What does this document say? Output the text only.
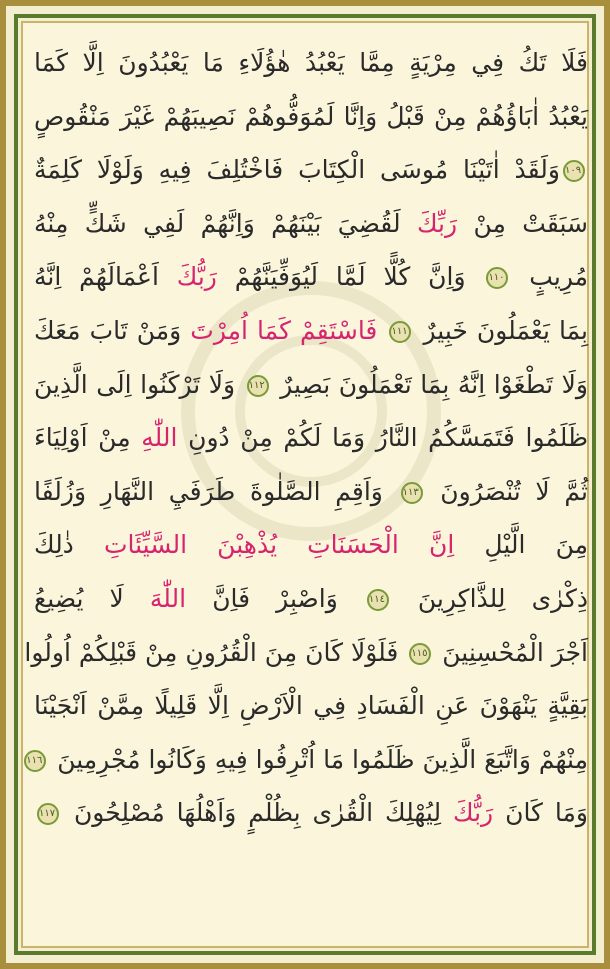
فَلَا تَكُ فِي مِرْيَةٍ مِمَّا يَعْبُدُ هٰؤُلَاءِ مَا يَعْبُدُونَ اِلَّا كَمَا
يَعْبُدُ اٰبَاؤُهُمْ مِنْ قَبْلُ وَاِنَّا لَمُوَفُّوهُمْ نَصِيبَهُمْ غَيْرَ مَنْقُوصٍ
١٠٩وَلَقَدْ اٰتَيْنَا مُوسَى الْكِتَابَ فَاخْتُلِفَ فِيهِ وَلَوْلَا كَلِمَةٌ
سَبَقَتْ مِنْ رَبِّكَ لَقُضِيَ بَيْنَهُمْ وَاِنَّهُمْ لَفِي شَكٍّ مِنْهُ
مُرِيبٍ ١١٠ وَاِنَّ كُلًّا لَمَّا لَيُوَفِّيَنَّهُمْ رَبُّكَ اَعْمَالَهُمْ اِنَّهُ
بِمَا يَعْمَلُونَ خَبِيرٌ ١١١ فَاسْتَقِمْ كَمَا اُمِرْتَ وَمَنْ تَابَ مَعَكَ
وَلَا تَطْغَوْا اِنَّهُ بِمَا تَعْمَلُونَ بَصِيرٌ ١١٢ وَلَا تَرْكَنُوا اِلَى الَّذِينَ
ظَلَمُوا فَتَمَسَّكُمُ النَّارُ وَمَا لَكُمْ مِنْ دُونِ اللّٰهِ مِنْ اَوْلِيَاءَ
ثُمَّ لَا تُنْصَرُونَ ١١٣ وَاَقِمِ الصَّلٰوةَ طَرَفَيِ النَّهَارِ وَزُلَفًا
مِنَ الَّيْلِ اِنَّ الْحَسَنَاتِ يُذْهِبْنَ السَّيِّئَاتِ ذٰلِكَ
ذِكْرٰى لِلذَّاكِرِينَ ١١٤ وَاصْبِرْ فَاِنَّ اللّٰهَ لَا يُضِيعُ
اَجْرَ الْمُحْسِنِينَ ١١٥ فَلَوْلَا كَانَ مِنَ الْقُرُونِ مِنْ قَبْلِكُمْ اُولُوا
بَقِيَّةٍ يَنْهَوْنَ عَنِ الْفَسَادِ فِي الْاَرْضِ اِلَّا قَلِيلًا مِمَّنْ اَنْجَيْنَا
مِنْهُمْ وَاتَّبَعَ الَّذِينَ ظَلَمُوا مَا اُتْرِفُوا فِيهِ وَكَانُوا مُجْرِمِينَ ١١٦
وَمَا كَانَ رَبُّكَ لِيُهْلِكَ الْقُرٰى بِظُلْمٍ وَاَهْلُهَا مُصْلِحُونَ ١١٧
